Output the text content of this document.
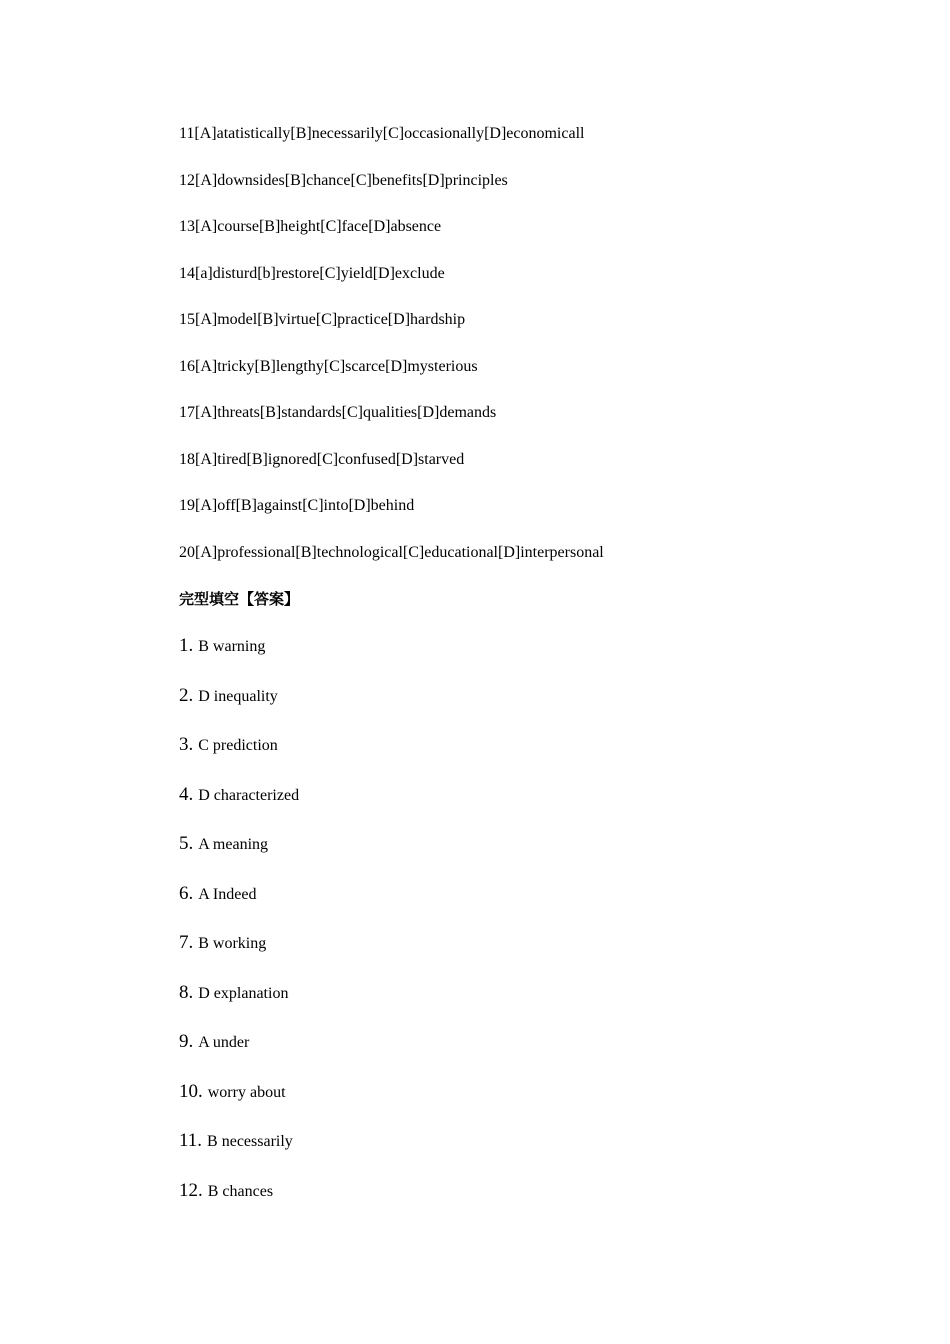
11[A]atatistically[B]necessarily[C]occasionally[D]economicall
12[A]downsides[B]chance[C]benefits[D]principles
13[A]course[B]height[C]face[D]absence
14[a]disturd[b]restore[C]yield[D]exclude
15[A]model[B]virtue[C]practice[D]hardship
16[A]tricky[B]lengthy[C]scarce[D]mysterious
17[A]threats[B]standards[C]qualities[D]demands
18[A]tired[B]ignored[C]confused[D]starved
19[A]off[B]against[C]into[D]behind
20[A]professional[B]technological[C]educational[D]interpersonal
完型填空【答案】
1. B warning
2. D inequality
3. C prediction
4. D characterized
5. A meaning
6. A Indeed
7. B working
8. D explanation
9. A under
10. worry about
11. B necessarily
12. B chances
